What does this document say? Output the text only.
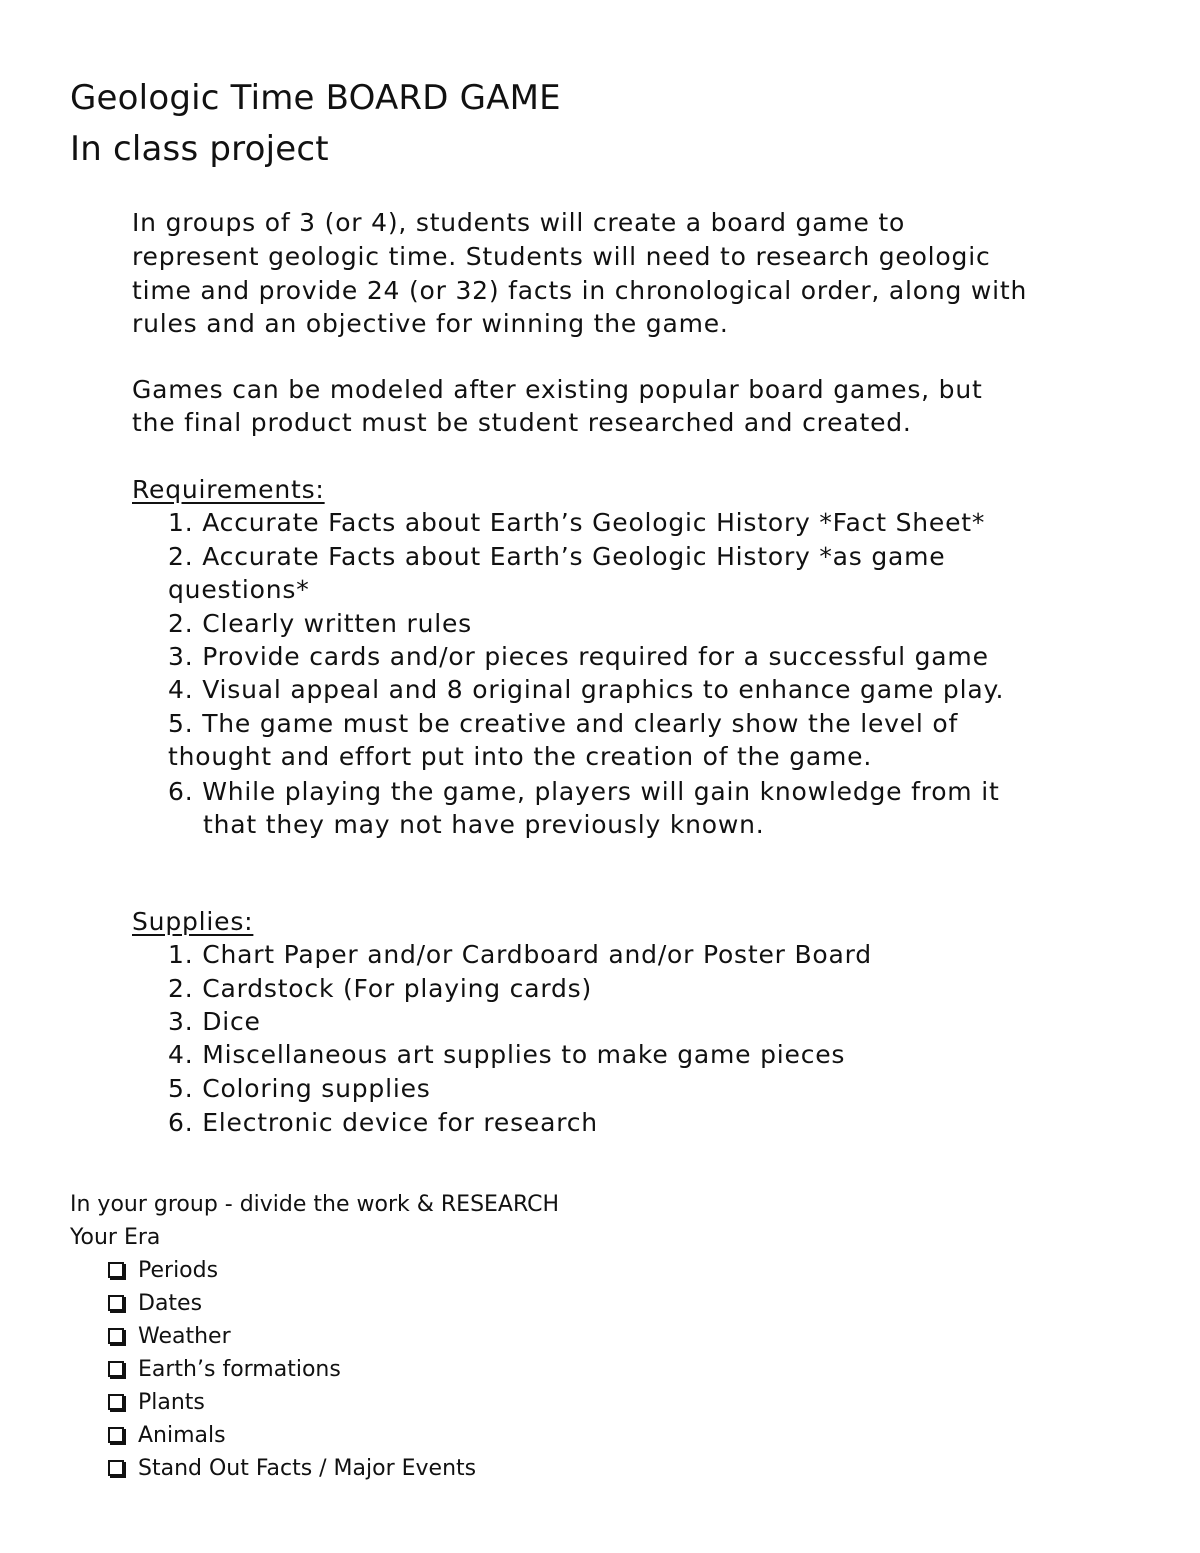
Geologic Time BOARD GAME
In class project
In groups of 3 (or 4), students will create a board game to
represent geologic time. Students will need to research geologic
time and provide 24 (or 32) facts in chronological order, along with
rules and an objective for winning the game.
Games can be modeled after existing popular board games, but
the final product must be student researched and created.
Requirements:
1. Accurate Facts about Earth’s Geologic History *Fact Sheet*
2. Accurate Facts about Earth’s Geologic History *as game
questions*
2. Clearly written rules
3. Provide cards and/or pieces required for a successful game
4. Visual appeal and 8 original graphics to enhance game play.
5. The game must be creative and clearly show the level of
thought and effort put into the creation of the game.
6. While playing the game, players will gain knowledge from it
that they may not have previously known.
Supplies:
1. Chart Paper and/or Cardboard and/or Poster Board
2. Cardstock (For playing cards)
3. Dice
4. Miscellaneous art supplies to make game pieces
5. Coloring supplies
6. Electronic device for research
In your group - divide the work & RESEARCH
Your Era
Periods
Dates
Weather
Earth’s formations
Plants
Animals
Stand Out Facts / Major Events
